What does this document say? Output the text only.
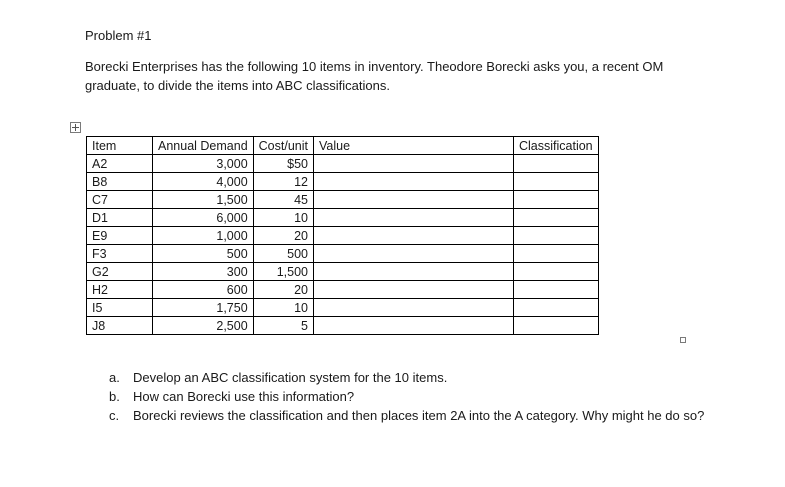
Problem #1
Borecki Enterprises has the following 10 items in inventory. Theodore Borecki asks you, a recent OM graduate, to divide the items into ABC classifications.
Item	Annual Demand	Cost/unit	Value	Classification
A2	3,000	$50		
B8	4,000	12		
C7	1,500	45		
D1	6,000	10		
E9	1,000	20		
F3	500	500		
G2	300	1,500		
H2	600	20		
I5	1,750	10		
J8	2,500	5		
a.	Develop an ABC classification system for the 10 items.
b.	How can Borecki use this information?
c.	Borecki reviews the classification and then places item 2A into the A category. Why might he do so?
